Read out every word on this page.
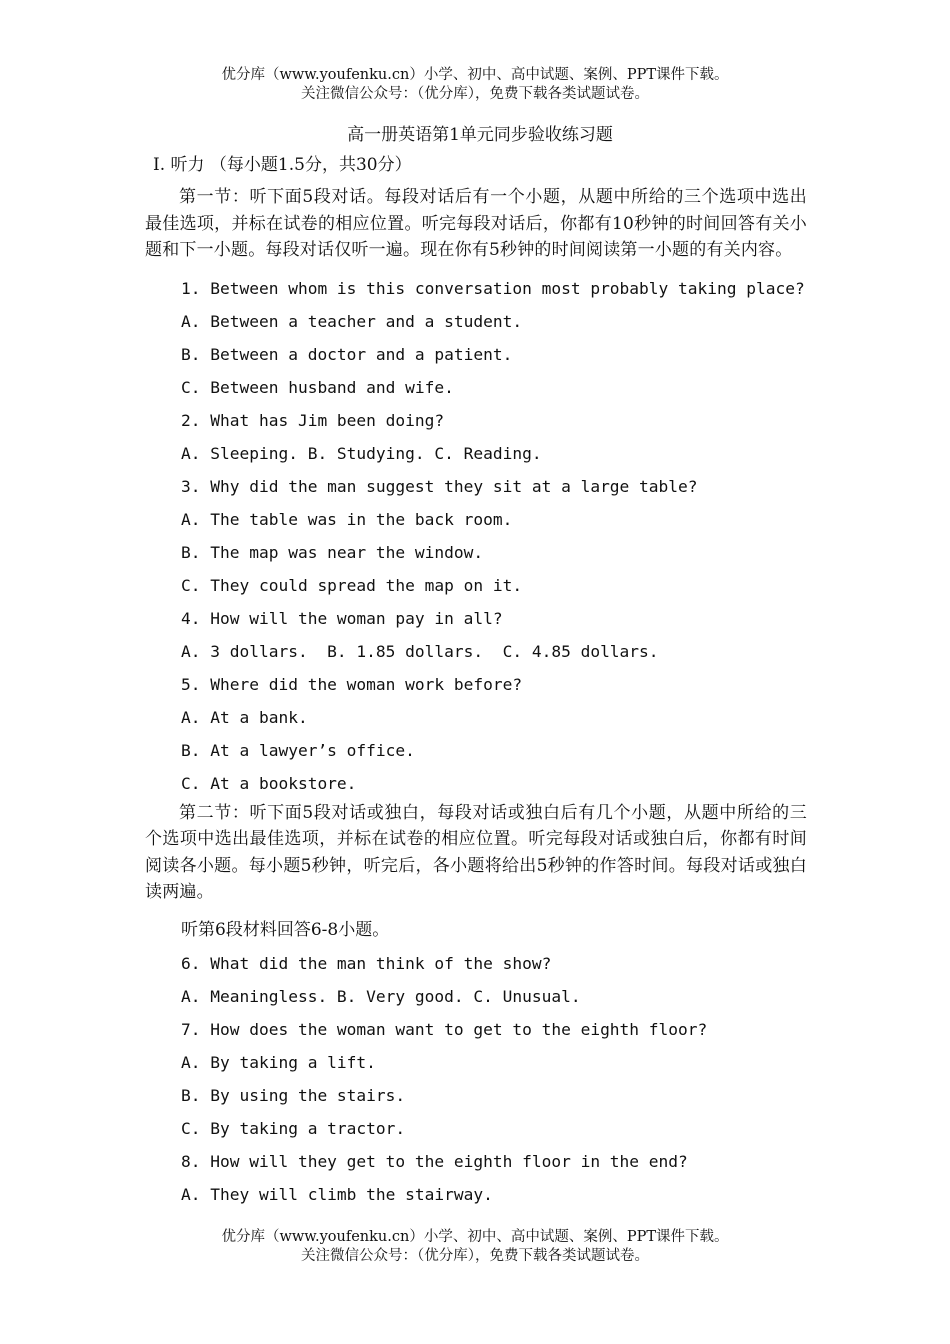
优分库（www.youfenku.cn）小学、初中、高中试题、案例、PPT课件下载。
关注微信公众号：（优分库），免费下载各类试题试卷。
高一册英语第1单元同步验收练习题
I. 听力 （每小题1.5分，共30分）
第一节：听下面5段对话。每段对话后有一个小题，从题中所给的三个选项中选出最佳选项，并标在试卷的相应位置。听完每段对话后，你都有10秒钟的时间回答有关小题和下一小题。每段对话仅听一遍。现在你有5秒钟的时间阅读第一小题的有关内容。
1. Between whom is this conversation most probably taking place?
A. Between a teacher and a student.
B. Between a doctor and a patient.
C. Between husband and wife.
2. What has Jim been doing?
A. Sleeping. B. Studying. C. Reading.
3. Why did the man suggest they sit at a large table?
A. The table was in the back room.
B. The map was near the window.
C. They could spread the map on it.
4. How will the woman pay in all?
A. 3 dollars.  B. 1.85 dollars.  C. 4.85 dollars.
5. Where did the woman work before?
A. At a bank.
B. At a lawyer’s office.
C. At a bookstore.
第二节：听下面5段对话或独白，每段对话或独白后有几个小题，从题中所给的三个选项中选出最佳选项，并标在试卷的相应位置。听完每段对话或独白后，你都有时间阅读各小题。每小题5秒钟，听完后，各小题将给出5秒钟的作答时间。每段对话或独白读两遍。
听第6段材料回答6-8小题。
6. What did the man think of the show?
A. Meaningless. B. Very good. C. Unusual.
7. How does the woman want to get to the eighth floor?
A. By taking a lift.
B. By using the stairs.
C. By taking a tractor.
8. How will they get to the eighth floor in the end?
A. They will climb the stairway.
优分库（www.youfenku.cn）小学、初中、高中试题、案例、PPT课件下载。
关注微信公众号：（优分库），免费下载各类试题试卷。
